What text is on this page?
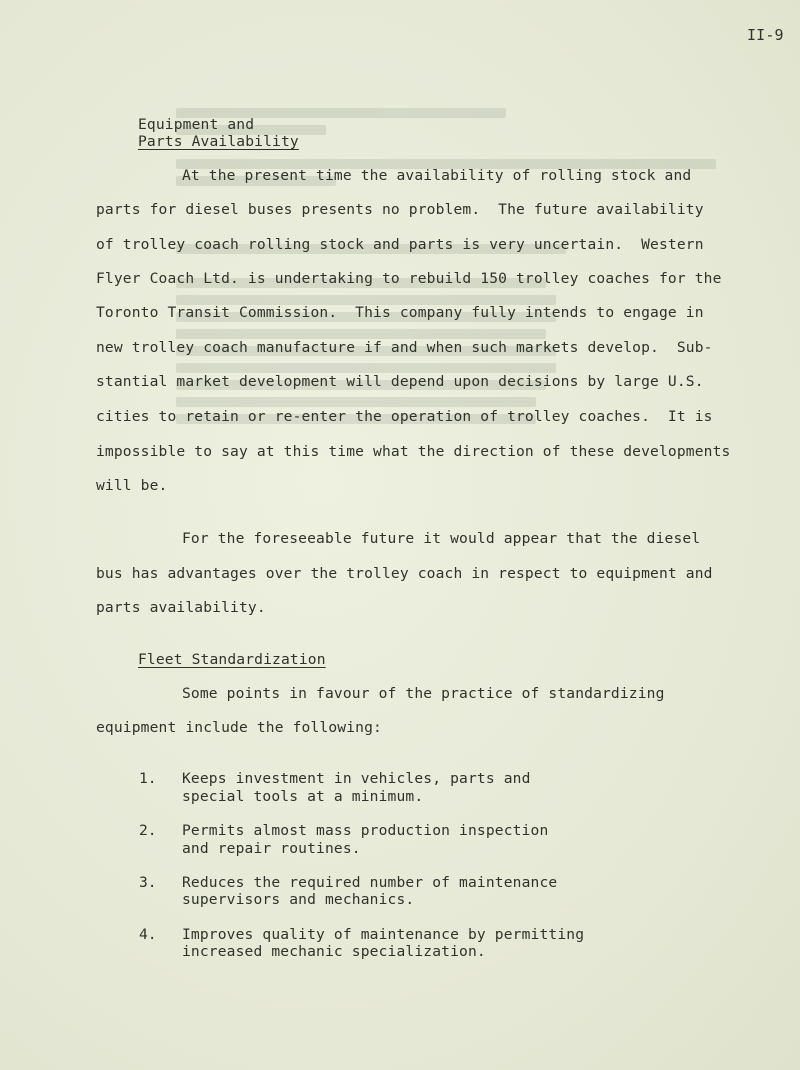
II-9
Equipment and
Parts Availability
At the present time the availability of rolling stock and
parts for diesel buses presents no problem.  The future availability
of trolley coach rolling stock and parts is very uncertain.  Western
Flyer Coach Ltd. is undertaking to rebuild 150 trolley coaches for the
Toronto Transit Commission.  This company fully intends to engage in
new trolley coach manufacture if and when such markets develop.  Sub-
stantial market development will depend upon decisions by large U.S.
cities to retain or re-enter the operation of trolley coaches.  It is
impossible to say at this time what the direction of these developments
will be.
For the foreseeable future it would appear that the diesel
bus has advantages over the trolley coach in respect to equipment and
parts availability.
Fleet Standardization
Some points in favour of the practice of standardizing
equipment include the following:
1. Keeps investment in vehicles, parts and
special tools at a minimum.
2. Permits almost mass production inspection
and repair routines.
3. Reduces the required number of maintenance
supervisors and mechanics.
4. Improves quality of maintenance by permitting
increased mechanic specialization.
